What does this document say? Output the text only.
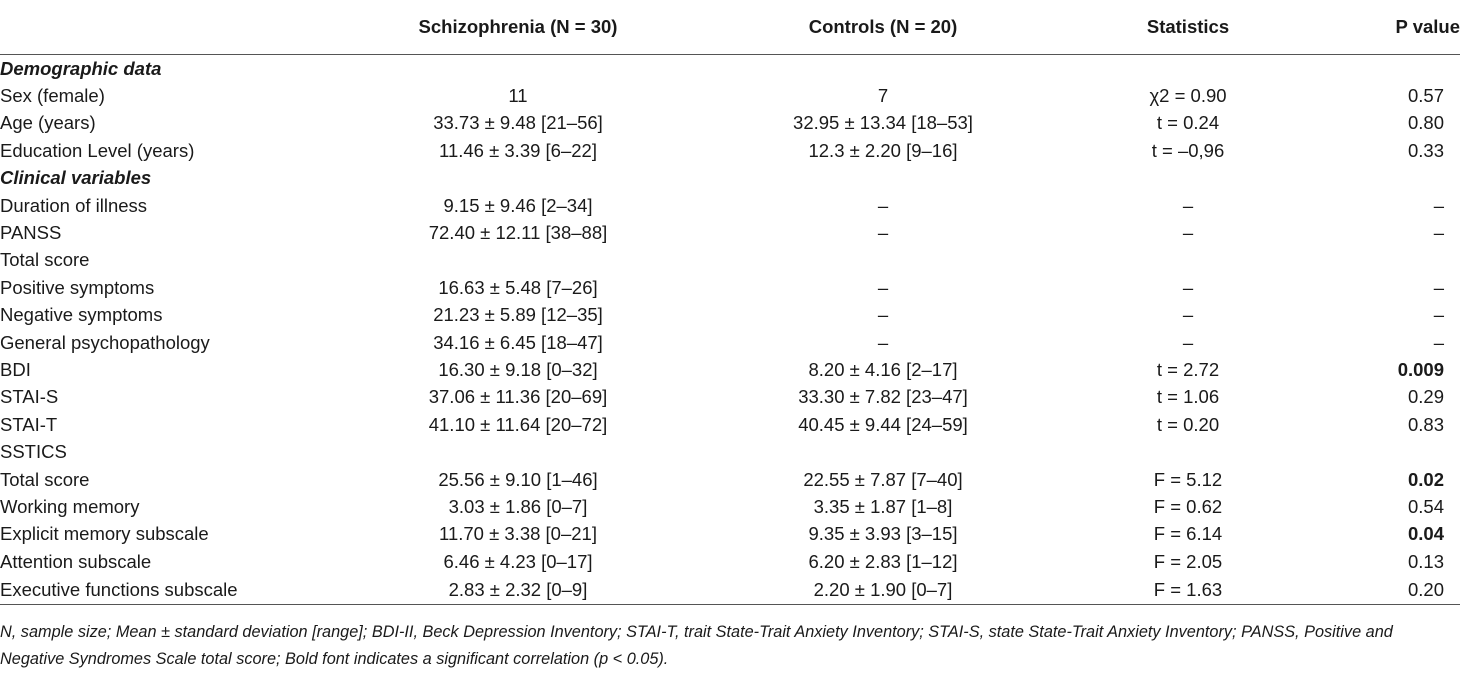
	Schizophrenia (N = 30)	Controls (N = 20)	Statistics	P value
Demographic data				
Sex (female)	11	7	χ2 = 0.90	0.57
Age (years)	33.73 ± 9.48 [21–56]	32.95 ± 13.34 [18–53]	t = 0.24	0.80
Education Level (years)	11.46 ± 3.39 [6–22]	12.3 ± 2.20 [9–16]	t = –0,96	0.33
Clinical variables				
Duration of illness	9.15 ± 9.46 [2–34]	–	–	–
PANSS	72.40 ± 12.11 [38–88]	–	–	–
Total score				
Positive symptoms	16.63 ± 5.48 [7–26]	–	–	–
Negative symptoms	21.23 ± 5.89 [12–35]	–	–	–
General psychopathology	34.16 ± 6.45 [18–47]	–	–	–
BDI	16.30 ± 9.18 [0–32]	8.20 ± 4.16 [2–17]	t = 2.72	0.009
STAI-S	37.06 ± 11.36 [20–69]	33.30 ± 7.82 [23–47]	t = 1.06	0.29
STAI-T	41.10 ± 11.64 [20–72]	40.45 ± 9.44 [24–59]	t = 0.20	0.83
SSTICS				
Total score	25.56 ± 9.10 [1–46]	22.55 ± 7.87 [7–40]	F = 5.12	0.02
Working memory	3.03 ± 1.86 [0–7]	3.35 ± 1.87 [1–8]	F = 0.62	0.54
Explicit memory subscale	11.70 ± 3.38 [0–21]	9.35 ± 3.93 [3–15]	F = 6.14	0.04
Attention subscale	6.46 ± 4.23 [0–17]	6.20 ± 2.83 [1–12]	F = 2.05	0.13
Executive functions subscale	2.83 ± 2.32 [0–9]	2.20 ± 1.90 [0–7]	F = 1.63	0.20

N, sample size; Mean ± standard deviation [range]; BDI-II, Beck Depression Inventory; STAI-T, trait State-Trait Anxiety Inventory; STAI-S, state State-Trait Anxiety Inventory; PANSS, Positive and Negative Syndromes Scale total score; Bold font indicates a significant correlation (p < 0.05).
